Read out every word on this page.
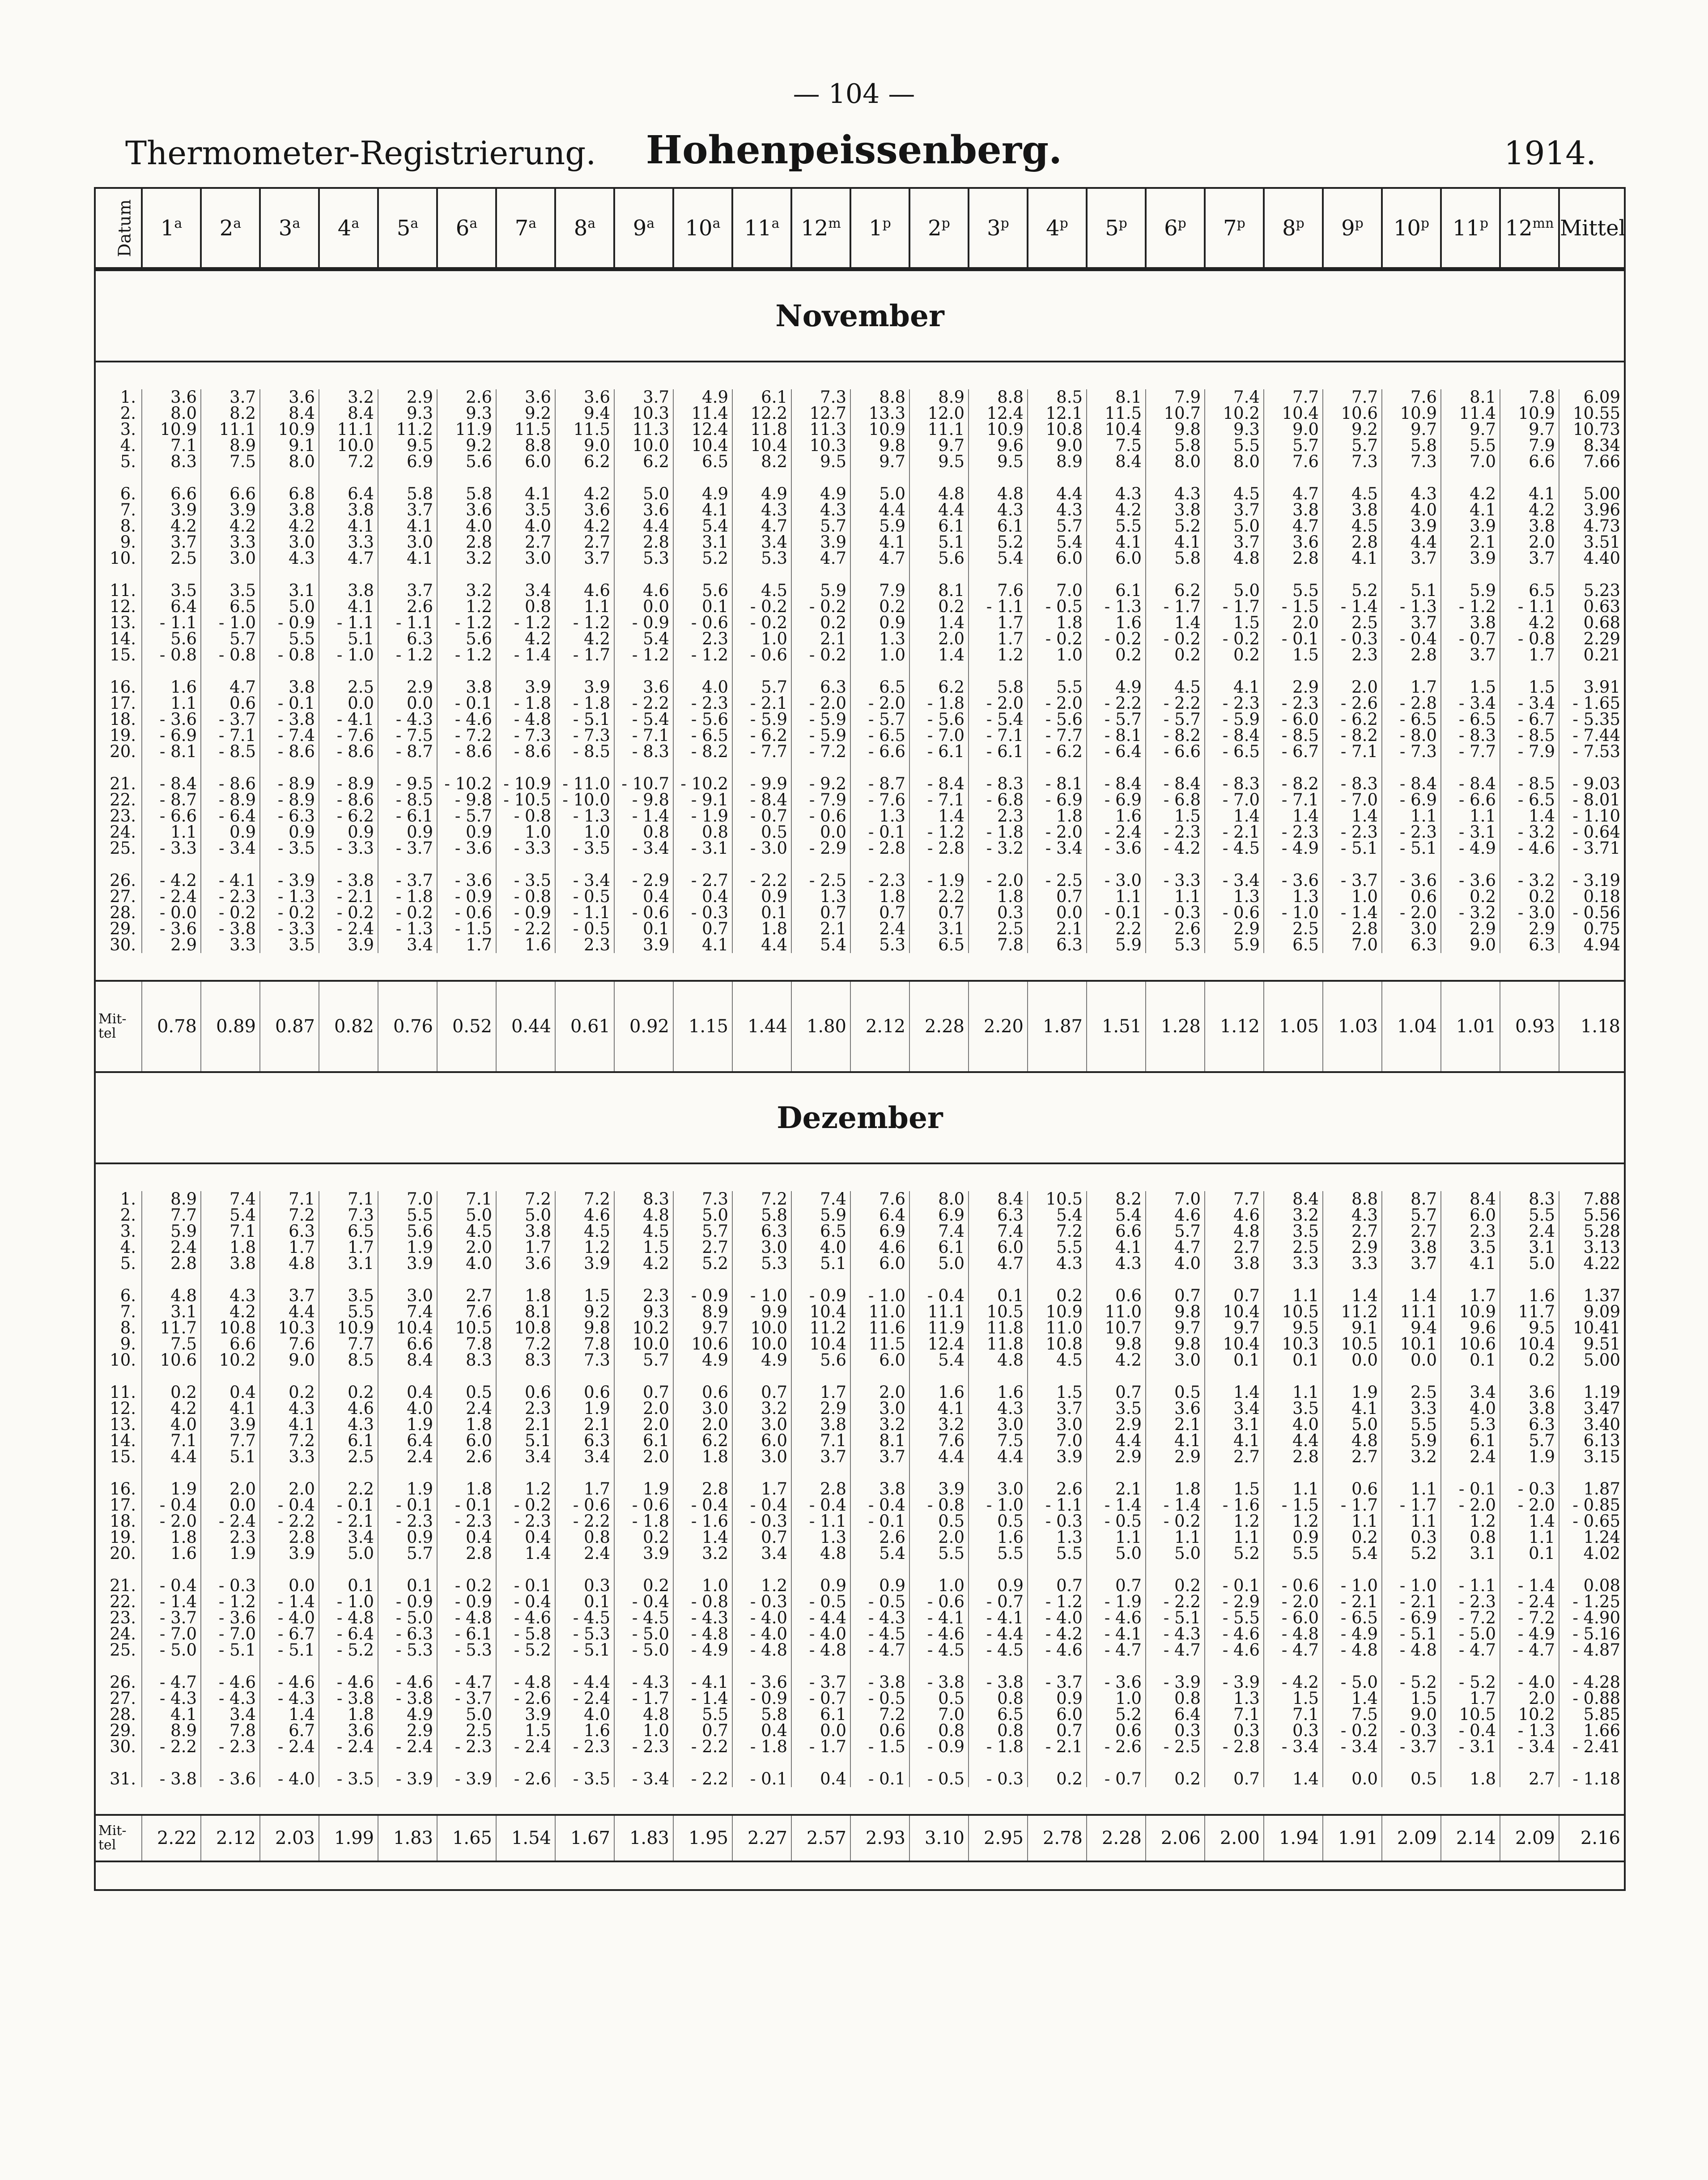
— 104 —
Thermometer-Registrierung.	Hohenpeissenberg.	1914.
Datum	1$^a$	2$^a$	3$^a$	4$^a$	5$^a$	6$^a$	7$^a$	8$^a$	9$^a$	10$^a$	11$^a$	12$^m$	1$^p$	2$^p$	3$^p$	4$^p$	5$^p$	6$^p$	7$^p$	8$^p$	9$^p$	10$^p$	11$^p$	$12^{mn}$	Mittel
November																									

1.	3.6	3.7	3.6	3.2	2.9	2.6	3.6	3.6	3.7	4.9	6.1	7.3	8.8	8.9	8.8	8.5	8.1	7.9	7.4	7.7	7.7	7.6	8.1	7.8	6.09
2.	8.0	8.2	8.4	8.4	9.3	9.3	9.2	9.4	10.3	11.4	12.2	12.7	13.3	12.0	12.4	12.1	11.5	10.7	10.2	10.4	10.6	10.9	11.4	10.9	10.55
3.	10.9	11.1	10.9	11.1	11.2	11.9	11.5	11.5	11.3	12.4	11.8	11.3	10.9	11.1	10.9	10.8	10.4	9.8	9.3	9.0	9.2	9.7	9.7	9.7	10.73
4.	7.1	8.9	9.1	10.0	9.5	9.2	8.8	9.0	10.0	10.4	10.4	10.3	9.8	9.7	9.6	9.0	7.5	5.8	5.5	5.7	5.7	5.8	5.5	7.9	8.34
5.	8.3	7.5	8.0	7.2	6.9	5.6	6.0	6.2	6.2	6.5	8.2	9.5	9.7	9.5	9.5	8.9	8.4	8.0	8.0	7.6	7.3	7.3	7.0	6.6	7.66
6.	6.6	6.6	6.8	6.4	5.8	5.8	4.1	4.2	5.0	4.9	4.9	4.9	5.0	4.8	4.8	4.4	4.3	4.3	4.5	4.7	4.5	4.3	4.2	4.1	5.00
7.	3.9	3.9	3.8	3.8	3.7	3.6	3.5	3.6	3.6	4.1	4.3	4.3	4.4	4.4	4.3	4.3	4.2	3.8	3.7	3.8	3.8	4.0	4.1	4.2	3.96
8.	4.2	4.2	4.2	4.1	4.1	4.0	4.0	4.2	4.4	5.4	4.7	5.7	5.9	6.1	6.1	5.7	5.5	5.2	5.0	4.7	4.5	3.9	3.9	3.8	4.73
9.	3.7	3.3	3.0	3.3	3.0	2.8	2.7	2.7	2.8	3.1	3.4	3.9	4.1	5.1	5.2	5.4	4.1	4.1	3.7	3.6	2.8	4.4	2.1	2.0	3.51
10.	2.5	3.0	4.3	4.7	4.1	3.2	3.0	3.7	5.3	5.2	5.3	4.7	4.7	5.6	5.4	6.0	6.0	5.8	4.8	2.8	4.1	3.7	3.9	3.7	4.40
11.	3.5	3.5	3.1	3.8	3.7	3.2	3.4	4.6	4.6	5.6	4.5	5.9	7.9	8.1	7.6	7.0	6.1	6.2	5.0	5.5	5.2	5.1	5.9	6.5	5.23
12.	6.4	6.5	5.0	4.1	2.6	1.2	0.8	1.1	0.0	0.1	- 0.2	- 0.2	0.2	0.2	- 1.1	- 0.5	- 1.3	- 1.7	- 1.7	- 1.5	- 1.4	- 1.3	- 1.2	- 1.1	0.63
13.	- 1.1	- 1.0	- 0.9	- 1.1	- 1.1	- 1.2	- 1.2	- 1.2	- 0.9	- 0.6	- 0.2	0.2	0.9	1.4	1.7	1.8	1.6	1.4	1.5	2.0	2.5	3.7	3.8	4.2	0.68
14.	5.6	5.7	5.5	5.1	6.3	5.6	4.2	4.2	5.4	2.3	1.0	2.1	1.3	2.0	1.7	- 0.2	- 0.2	- 0.2	- 0.2	- 0.1	- 0.3	- 0.4	- 0.7	- 0.8	2.29
15.	- 0.8	- 0.8	- 0.8	- 1.0	- 1.2	- 1.2	- 1.4	- 1.7	- 1.2	- 1.2	- 0.6	- 0.2	1.0	1.4	1.2	1.0	0.2	0.2	0.2	1.5	2.3	2.8	3.7	1.7	0.21
16.	1.6	4.7	3.8	2.5	2.9	3.8	3.9	3.9	3.6	4.0	5.7	6.3	6.5	6.2	5.8	5.5	4.9	4.5	4.1	2.9	2.0	1.7	1.5	1.5	3.91
17.	1.1	0.6	- 0.1	0.0	0.0	- 0.1	- 1.8	- 1.8	- 2.2	- 2.3	- 2.1	- 2.0	- 2.0	- 1.8	- 2.0	- 2.0	- 2.2	- 2.2	- 2.3	- 2.3	- 2.6	- 2.8	- 3.4	- 3.4	- 1.65
18.	- 3.6	- 3.7	- 3.8	- 4.1	- 4.3	- 4.6	- 4.8	- 5.1	- 5.4	- 5.6	- 5.9	- 5.9	- 5.7	- 5.6	- 5.4	- 5.6	- 5.7	- 5.7	- 5.9	- 6.0	- 6.2	- 6.5	- 6.5	- 6.7	- 5.35
19.	- 6.9	- 7.1	- 7.4	- 7.6	- 7.5	- 7.2	- 7.3	- 7.3	- 7.1	- 6.5	- 6.2	- 5.9	- 6.5	- 7.0	- 7.1	- 7.7	- 8.1	- 8.2	- 8.4	- 8.5	- 8.2	- 8.0	- 8.3	- 8.5	- 7.44
20.	- 8.1	- 8.5	- 8.6	- 8.6	- 8.7	- 8.6	- 8.6	- 8.5	- 8.3	- 8.2	- 7.7	- 7.2	- 6.6	- 6.1	- 6.1	- 6.2	- 6.4	- 6.6	- 6.5	- 6.7	- 7.1	- 7.3	- 7.7	- 7.9	- 7.53
21.	- 8.4	- 8.6	- 8.9	- 8.9	- 9.5	- 10.2	- 10.9	- 11.0	- 10.7	- 10.2	- 9.9	- 9.2	- 8.7	- 8.4	- 8.3	- 8.1	- 8.4	- 8.4	- 8.3	- 8.2	- 8.3	- 8.4	- 8.4	- 8.5	- 9.03
22.	- 8.7	- 8.9	- 8.9	- 8.6	- 8.5	- 9.8	- 10.5	- 10.0	- 9.8	- 9.1	- 8.4	- 7.9	- 7.6	- 7.1	- 6.8	- 6.9	- 6.9	- 6.8	- 7.0	- 7.1	- 7.0	- 6.9	- 6.6	- 6.5	- 8.01
23.	- 6.6	- 6.4	- 6.3	- 6.2	- 6.1	- 5.7	- 0.8	- 1.3	- 1.4	- 1.9	- 0.7	- 0.6	1.3	1.4	2.3	1.8	1.6	1.5	1.4	1.4	1.4	1.1	1.1	1.4	- 1.10
24.	1.1	0.9	0.9	0.9	0.9	0.9	1.0	1.0	0.8	0.8	0.5	0.0	- 0.1	- 1.2	- 1.8	- 2.0	- 2.4	- 2.3	- 2.1	- 2.3	- 2.3	- 2.3	- 3.1	- 3.2	- 0.64
25.	- 3.3	- 3.4	- 3.5	- 3.3	- 3.7	- 3.6	- 3.3	- 3.5	- 3.4	- 3.1	- 3.0	- 2.9	- 2.8	- 2.8	- 3.2	- 3.4	- 3.6	- 4.2	- 4.5	- 4.9	- 5.1	- 5.1	- 4.9	- 4.6	- 3.71
26.	- 4.2	- 4.1	- 3.9	- 3.8	- 3.7	- 3.6	- 3.5	- 3.4	- 2.9	- 2.7	- 2.2	- 2.5	- 2.3	- 1.9	- 2.0	- 2.5	- 3.0	- 3.3	- 3.4	- 3.6	- 3.7	- 3.6	- 3.6	- 3.2	- 3.19
27.	- 2.4	- 2.3	- 1.3	- 2.1	- 1.8	- 0.9	- 0.8	- 0.5	0.4	0.4	0.9	1.3	1.8	2.2	1.8	0.7	1.1	1.1	1.3	1.3	1.0	0.6	0.2	0.2	0.18
28.	- 0.0	- 0.2	- 0.2	- 0.2	- 0.2	- 0.6	- 0.9	- 1.1	- 0.6	- 0.3	0.1	0.7	0.7	0.7	0.3	0.0	- 0.1	- 0.3	- 0.6	- 1.0	- 1.4	- 2.0	- 3.2	- 3.0	- 0.56
29.	- 3.6	- 3.8	- 3.3	- 2.4	- 1.3	- 1.5	- 2.2	- 0.5	0.1	0.7	1.8	2.1	2.4	3.1	2.5	2.1	2.2	2.6	2.9	2.5	2.8	3.0	2.9	2.9	0.75
30.	2.9	3.3	3.5	3.9	3.4	1.7	1.6	2.3	3.9	4.1	4.4	5.4	5.3	6.5	7.8	6.3	5.9	5.3	5.9	6.5	7.0	6.3	9.0	6.3	4.94

Mit-tel	0.78	0.89	0.87	0.82	0.76	0.52	0.44	0.61	0.92	1.15	1.44	1.80	2.12	2.28	2.20	1.87	1.51	1.28	1.12	1.05	1.03	1.04	1.01	0.93	1.18
Dezember																									

1.	8.9	7.4	7.1	7.1	7.0	7.1	7.2	7.2	8.3	7.3	7.2	7.4	7.6	8.0	8.4	10.5	8.2	7.0	7.7	8.4	8.8	8.7	8.4	8.3	7.88
2.	7.7	5.4	7.2	7.3	5.5	5.0	5.0	4.6	4.8	5.0	5.8	5.9	6.4	6.9	6.3	5.4	5.4	4.6	4.6	3.2	4.3	5.7	6.0	5.5	5.56
3.	5.9	7.1	6.3	6.5	5.6	4.5	3.8	4.5	4.5	5.7	6.3	6.5	6.9	7.4	7.4	7.2	6.6	5.7	4.8	3.5	2.7	2.7	2.3	2.4	5.28
4.	2.4	1.8	1.7	1.7	1.9	2.0	1.7	1.2	1.5	2.7	3.0	4.0	4.6	6.1	6.0	5.5	4.1	4.7	2.7	2.5	2.9	3.8	3.5	3.1	3.13
5.	2.8	3.8	4.8	3.1	3.9	4.0	3.6	3.9	4.2	5.2	5.3	5.1	6.0	5.0	4.7	4.3	4.3	4.0	3.8	3.3	3.3	3.7	4.1	5.0	4.22
6.	4.8	4.3	3.7	3.5	3.0	2.7	1.8	1.5	2.3	- 0.9	- 1.0	- 0.9	- 1.0	- 0.4	0.1	0.2	0.6	0.7	0.7	1.1	1.4	1.4	1.7	1.6	1.37
7.	3.1	4.2	4.4	5.5	7.4	7.6	8.1	9.2	9.3	8.9	9.9	10.4	11.0	11.1	10.5	10.9	11.0	9.8	10.4	10.5	11.2	11.1	10.9	11.7	9.09
8.	11.7	10.8	10.3	10.9	10.4	10.5	10.8	9.8	10.2	9.7	10.0	11.2	11.6	11.9	11.8	11.0	10.7	9.7	9.7	9.5	9.1	9.4	9.6	9.5	10.41
9.	7.5	6.6	7.6	7.7	6.6	7.8	7.2	7.8	10.0	10.6	10.0	10.4	11.5	12.4	11.8	10.8	9.8	9.8	10.4	10.3	10.5	10.1	10.6	10.4	9.51
10.	10.6	10.2	9.0	8.5	8.4	8.3	8.3	7.3	5.7	4.9	4.9	5.6	6.0	5.4	4.8	4.5	4.2	3.0	0.1	0.1	0.0	0.0	0.1	0.2	5.00
11.	0.2	0.4	0.2	0.2	0.4	0.5	0.6	0.6	0.7	0.6	0.7	1.7	2.0	1.6	1.6	1.5	0.7	0.5	1.4	1.1	1.9	2.5	3.4	3.6	1.19
12.	4.2	4.1	4.3	4.6	4.0	2.4	2.3	1.9	2.0	3.0	3.2	2.9	3.0	4.1	4.3	3.7	3.5	3.6	3.4	3.5	4.1	3.3	4.0	3.8	3.47
13.	4.0	3.9	4.1	4.3	1.9	1.8	2.1	2.1	2.0	2.0	3.0	3.8	3.2	3.2	3.0	3.0	2.9	2.1	3.1	4.0	5.0	5.5	5.3	6.3	3.40
14.	7.1	7.7	7.2	6.1	6.4	6.0	5.1	6.3	6.1	6.2	6.0	7.1	8.1	7.6	7.5	7.0	4.4	4.1	4.1	4.4	4.8	5.9	6.1	5.7	6.13
15.	4.4	5.1	3.3	2.5	2.4	2.6	3.4	3.4	2.0	1.8	3.0	3.7	3.7	4.4	4.4	3.9	2.9	2.9	2.7	2.8	2.7	3.2	2.4	1.9	3.15
16.	1.9	2.0	2.0	2.2	1.9	1.8	1.2	1.7	1.9	2.8	1.7	2.8	3.8	3.9	3.0	2.6	2.1	1.8	1.5	1.1	0.6	1.1	- 0.1	- 0.3	1.87
17.	- 0.4	0.0	- 0.4	- 0.1	- 0.1	- 0.1	- 0.2	- 0.6	- 0.6	- 0.4	- 0.4	- 0.4	- 0.4	- 0.8	- 1.0	- 1.1	- 1.4	- 1.4	- 1.6	- 1.5	- 1.7	- 1.7	- 2.0	- 2.0	- 0.85
18.	- 2.0	- 2.4	- 2.2	- 2.1	- 2.3	- 2.3	- 2.3	- 2.2	- 1.8	- 1.6	- 0.3	- 1.1	- 0.1	0.5	0.5	- 0.3	- 0.5	- 0.2	1.2	1.2	1.1	1.1	1.2	1.4	- 0.65
19.	1.8	2.3	2.8	3.4	0.9	0.4	0.4	0.8	0.2	1.4	0.7	1.3	2.6	2.0	1.6	1.3	1.1	1.1	1.1	0.9	0.2	0.3	0.8	1.1	1.24
20.	1.6	1.9	3.9	5.0	5.7	2.8	1.4	2.4	3.9	3.2	3.4	4.8	5.4	5.5	5.5	5.5	5.0	5.0	5.2	5.5	5.4	5.2	3.1	0.1	4.02
21.	- 0.4	- 0.3	0.0	0.1	0.1	- 0.2	- 0.1	0.3	0.2	1.0	1.2	0.9	0.9	1.0	0.9	0.7	0.7	0.2	- 0.1	- 0.6	- 1.0	- 1.0	- 1.1	- 1.4	0.08
22.	- 1.4	- 1.2	- 1.4	- 1.0	- 0.9	- 0.9	- 0.4	0.1	- 0.4	- 0.8	- 0.3	- 0.5	- 0.5	- 0.6	- 0.7	- 1.2	- 1.9	- 2.2	- 2.9	- 2.0	- 2.1	- 2.1	- 2.3	- 2.4	- 1.25
23.	- 3.7	- 3.6	- 4.0	- 4.8	- 5.0	- 4.8	- 4.6	- 4.5	- 4.5	- 4.3	- 4.0	- 4.4	- 4.3	- 4.1	- 4.1	- 4.0	- 4.6	- 5.1	- 5.5	- 6.0	- 6.5	- 6.9	- 7.2	- 7.2	- 4.90
24.	- 7.0	- 7.0	- 6.7	- 6.4	- 6.3	- 6.1	- 5.8	- 5.3	- 5.0	- 4.8	- 4.0	- 4.0	- 4.5	- 4.6	- 4.4	- 4.2	- 4.1	- 4.3	- 4.6	- 4.8	- 4.9	- 5.1	- 5.0	- 4.9	- 5.16
25.	- 5.0	- 5.1	- 5.1	- 5.2	- 5.3	- 5.3	- 5.2	- 5.1	- 5.0	- 4.9	- 4.8	- 4.8	- 4.7	- 4.5	- 4.5	- 4.6	- 4.7	- 4.7	- 4.6	- 4.7	- 4.8	- 4.8	- 4.7	- 4.7	- 4.87
26.	- 4.7	- 4.6	- 4.6	- 4.6	- 4.6	- 4.7	- 4.8	- 4.4	- 4.3	- 4.1	- 3.6	- 3.7	- 3.8	- 3.8	- 3.8	- 3.7	- 3.6	- 3.9	- 3.9	- 4.2	- 5.0	- 5.2	- 5.2	- 4.0	- 4.28
27.	- 4.3	- 4.3	- 4.3	- 3.8	- 3.8	- 3.7	- 2.6	- 2.4	- 1.7	- 1.4	- 0.9	- 0.7	- 0.5	0.5	0.8	0.9	1.0	0.8	1.3	1.5	1.4	1.5	1.7	2.0	- 0.88
28.	4.1	3.4	1.4	1.8	4.9	5.0	3.9	4.0	4.8	5.5	5.8	6.1	7.2	7.0	6.5	6.0	5.2	6.4	7.1	7.1	7.5	9.0	10.5	10.2	5.85
29.	8.9	7.8	6.7	3.6	2.9	2.5	1.5	1.6	1.0	0.7	0.4	0.0	0.6	0.8	0.8	0.7	0.6	0.3	0.3	0.3	- 0.2	- 0.3	- 0.4	- 1.3	1.66
30.	- 2.2	- 2.3	- 2.4	- 2.4	- 2.4	- 2.3	- 2.4	- 2.3	- 2.3	- 2.2	- 1.8	- 1.7	- 1.5	- 0.9	- 1.8	- 2.1	- 2.6	- 2.5	- 2.8	- 3.4	- 3.4	- 3.7	- 3.1	- 3.4	- 2.41
31.	- 3.8	- 3.6	- 4.0	- 3.5	- 3.9	- 3.9	- 2.6	- 3.5	- 3.4	- 2.2	- 0.1	0.4	- 0.1	- 0.5	- 0.3	0.2	- 0.7	0.2	0.7	1.4	0.0	0.5	1.8	2.7	- 1.18

Mit-tel	2.22	2.12	2.03	1.99	1.83	1.65	1.54	1.67	1.83	1.95	2.27	2.57	2.93	3.10	2.95	2.78	2.28	2.06	2.00	1.94	1.91	2.09	2.14	2.09	2.16
